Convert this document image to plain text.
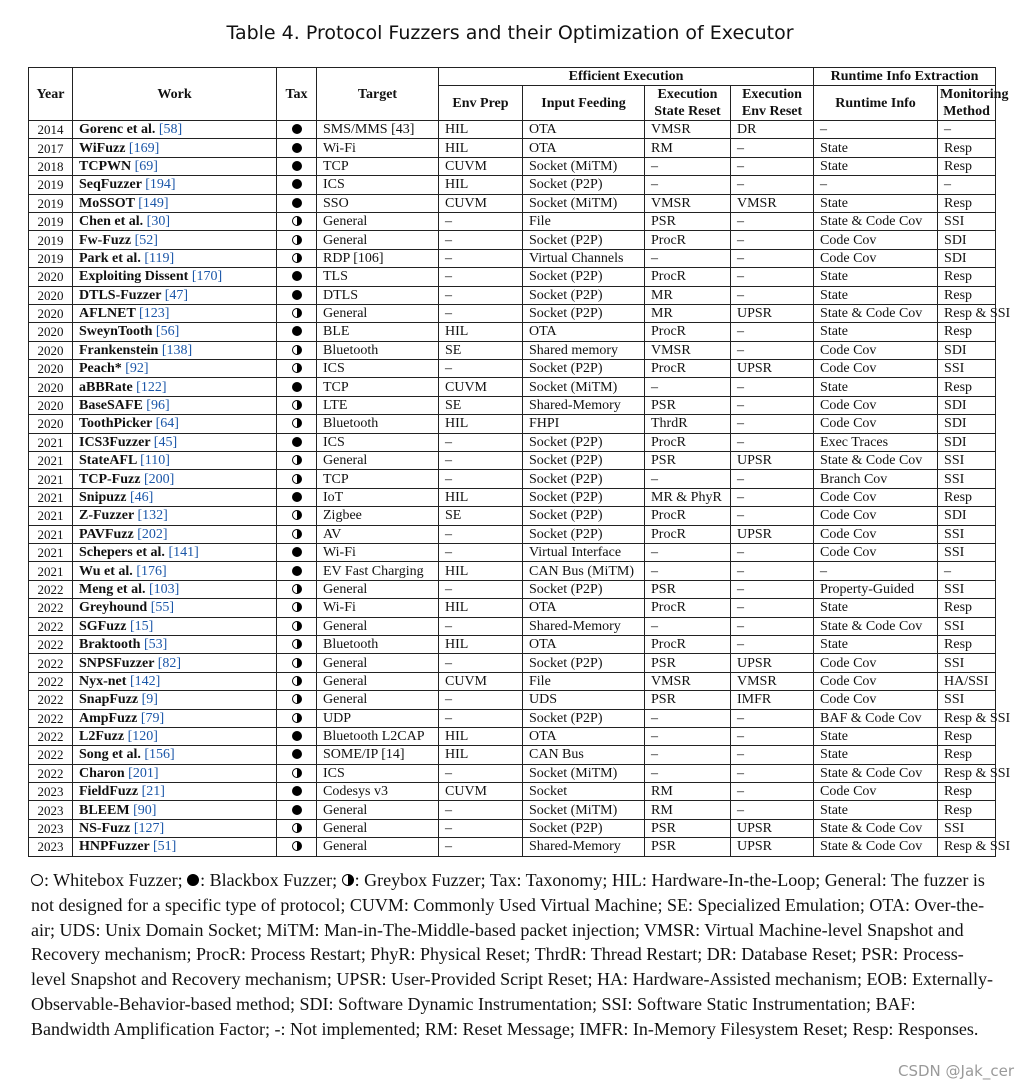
Table 4. Protocol Fuzzers and their Optimization of Executor
Year	Work	Tax	Target	Efficient Execution				Runtime Info Extraction	
				Env Prep	Input Feeding	Execution State Reset	Execution Env Reset	Runtime Info	Monitoring Method
2014	Gorenc et al. [58]		SMS/MMS [43]	HIL	OTA	VMSR	DR	–	–
2017	WiFuzz [169]		Wi-Fi	HIL	OTA	RM	–	State	Resp
2018	TCPWN [69]		TCP	CUVM	Socket (MiTM)	–	–	State	Resp
2019	SeqFuzzer [194]		ICS	HIL	Socket (P2P)	–	–	–	–
2019	MoSSOT [149]		SSO	CUVM	Socket (MiTM)	VMSR	VMSR	State	Resp
2019	Chen et al. [30]		General	–	File	PSR	–	State & Code Cov	SSI
2019	Fw-Fuzz [52]		General	–	Socket (P2P)	ProcR	–	Code Cov	SDI
2019	Park et al. [119]		RDP [106]	–	Virtual Channels	–	–	Code Cov	SDI
2020	Exploiting Dissent [170]		TLS	–	Socket (P2P)	ProcR	–	State	Resp
2020	DTLS-Fuzzer [47]		DTLS	–	Socket (P2P)	MR	–	State	Resp
2020	AFLNET [123]		General	–	Socket (P2P)	MR	UPSR	State & Code Cov	Resp & SSI
2020	SweynTooth [56]		BLE	HIL	OTA	ProcR	–	State	Resp
2020	Frankenstein [138]		Bluetooth	SE	Shared memory	VMSR	–	Code Cov	SDI
2020	Peach* [92]		ICS	–	Socket (P2P)	ProcR	UPSR	Code Cov	SSI
2020	aBBRate [122]		TCP	CUVM	Socket (MiTM)	–	–	State	Resp
2020	BaseSAFE [96]		LTE	SE	Shared-Memory	PSR	–	Code Cov	SDI
2020	ToothPicker [64]		Bluetooth	HIL	FHPI	ThrdR	–	Code Cov	SDI
2021	ICS3Fuzzer [45]		ICS	–	Socket (P2P)	ProcR	–	Exec Traces	SDI
2021	StateAFL [110]		General	–	Socket (P2P)	PSR	UPSR	State & Code Cov	SSI
2021	TCP-Fuzz [200]		TCP	–	Socket (P2P)	–	–	Branch Cov	SSI
2021	Snipuzz [46]		IoT	HIL	Socket (P2P)	MR & PhyR	–	Code Cov	Resp
2021	Z-Fuzzer [132]		Zigbee	SE	Socket (P2P)	ProcR	–	Code Cov	SDI
2021	PAVFuzz [202]		AV	–	Socket (P2P)	ProcR	UPSR	Code Cov	SSI
2021	Schepers et al. [141]		Wi-Fi	–	Virtual Interface	–	–	Code Cov	SSI
2021	Wu et al. [176]		EV Fast Charging	HIL	CAN Bus (MiTM)	–	–	–	–
2022	Meng et al. [103]		General	–	Socket (P2P)	PSR	–	Property-Guided	SSI
2022	Greyhound [55]		Wi-Fi	HIL	OTA	ProcR	–	State	Resp
2022	SGFuzz [15]		General	–	Shared-Memory	–	–	State & Code Cov	SSI
2022	Braktooth [53]		Bluetooth	HIL	OTA	ProcR	–	State	Resp
2022	SNPSFuzzer [82]		General	–	Socket (P2P)	PSR	UPSR	Code Cov	SSI
2022	Nyx-net [142]		General	CUVM	File	VMSR	VMSR	Code Cov	HA/SSI
2022	SnapFuzz [9]		General	–	UDS	PSR	IMFR	Code Cov	SSI
2022	AmpFuzz [79]		UDP	–	Socket (P2P)	–	–	BAF & Code Cov	Resp & SSI
2022	L2Fuzz [120]		Bluetooth L2CAP	HIL	OTA	–	–	State	Resp
2022	Song et al. [156]		SOME/IP [14]	HIL	CAN Bus	–	–	State	Resp
2022	Charon [201]		ICS	–	Socket (MiTM)	–	–	State & Code Cov	Resp & SSI
2023	FieldFuzz [21]		Codesys v3	CUVM	Socket	RM	–	Code Cov	Resp
2023	BLEEM [90]		General	–	Socket (MiTM)	RM	–	State	Resp
2023	NS-Fuzz [127]		General	–	Socket (P2P)	PSR	UPSR	State & Code Cov	SSI
2023	HNPFuzzer [51]		General	–	Shared-Memory	PSR	UPSR	State & Code Cov	Resp & SSI
: Whitebox Fuzzer; : Blackbox Fuzzer; : Greybox Fuzzer; Tax: Taxonomy; HIL: Hardware-In-the-Loop; General: The fuzzer is not designed for a specific type of protocol; CUVM: Commonly Used Virtual Machine; SE: Specialized Emulation; OTA: Over-the-air; UDS: Unix Domain Socket; MiTM: Man-in-The-Middle-based packet injection; VMSR: Virtual Machine-level Snapshot and Recovery mechanism; ProcR: Process Restart; PhyR: Physical Reset; ThrdR: Thread Restart; DR: Database Reset; PSR: Process-level Snapshot and Recovery mechanism; UPSR: User-Provided Script Reset; HA: Hardware-Assisted mechanism; EOB: Externally-Observable-Behavior-based method; SDI: Software Dynamic Instrumentation; SSI: Software Static Instrumentation; BAF: Bandwidth Amplification Factor; -: Not implemented; RM: Reset Message; IMFR: In-Memory Filesystem Reset; Resp: Responses.
CSDN @Jak_cer
